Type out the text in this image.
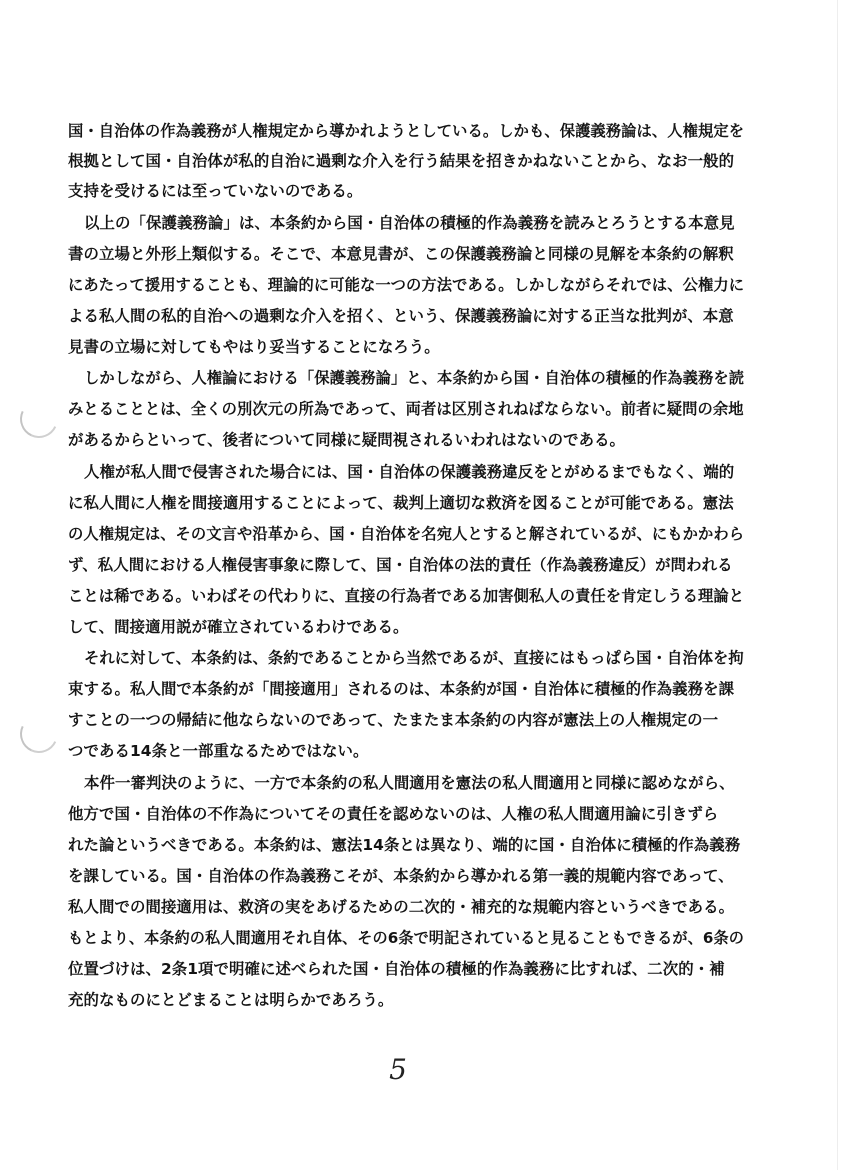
国・自治体の作為義務が人権規定から導かれようとしている。しかも、保護義務論は、人権規定を
根拠として国・自治体が私的自治に過剰な介入を行う結果を招きかねないことから、なお一般的
支持を受けるには至っていないのである。
以上の「保護義務論」は、本条約から国・自治体の積極的作為義務を読みとろうとする本意見
書の立場と外形上類似する。そこで、本意見書が、この保護義務論と同様の見解を本条約の解釈
にあたって援用することも、理論的に可能な一つの方法である。しかしながらそれでは、公権力に
よる私人間の私的自治への過剰な介入を招く、という、保護義務論に対する正当な批判が、本意
見書の立場に対してもやはり妥当することになろう。
しかしながら、人権論における「保護義務論」と、本条約から国・自治体の積極的作為義務を読
みとることとは、全くの別次元の所為であって、両者は区別されねばならない。前者に疑問の余地
があるからといって、後者について同様に疑問視されるいわれはないのである。
人権が私人間で侵害された場合には、国・自治体の保護義務違反をとがめるまでもなく、端的
に私人間に人権を間接適用することによって、裁判上適切な救済を図ることが可能である。憲法
の人権規定は、その文言や沿革から、国・自治体を名宛人とすると解されているが、にもかかわら
ず、私人間における人権侵害事象に際して、国・自治体の法的責任（作為義務違反）が問われる
ことは稀である。いわばその代わりに、直接の行為者である加害側私人の責任を肯定しうる理論と
して、間接適用説が確立されているわけである。
それに対して、本条約は、条約であることから当然であるが、直接にはもっぱら国・自治体を拘
束する。私人間で本条約が「間接適用」されるのは、本条約が国・自治体に積極的作為義務を課
すことの一つの帰結に他ならないのであって、たまたま本条約の内容が憲法上の人権規定の一
つである14条と一部重なるためではない。
本件一審判決のように、一方で本条約の私人間適用を憲法の私人間適用と同様に認めながら、
他方で国・自治体の不作為についてその責任を認めないのは、人権の私人間適用論に引きずら
れた論というべきである。本条約は、憲法14条とは異なり、端的に国・自治体に積極的作為義務
を課している。国・自治体の作為義務こそが、本条約から導かれる第一義的規範内容であって、
私人間での間接適用は、救済の実をあげるための二次的・補充的な規範内容というべきである。
もとより、本条約の私人間適用それ自体、その6条で明記されていると見ることもできるが、6条の
位置づけは、2条1項で明確に述べられた国・自治体の積極的作為義務に比すれば、二次的・補
充的なものにとどまることは明らかであろう。
5
